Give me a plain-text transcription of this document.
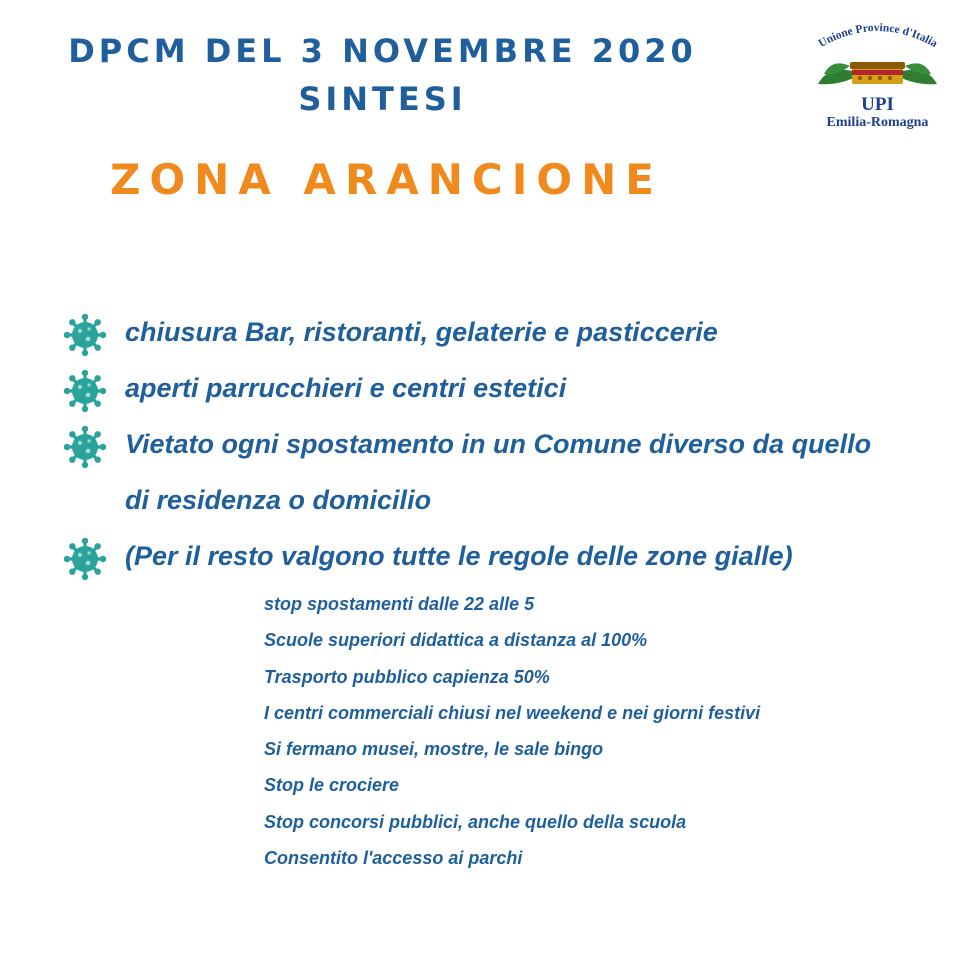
DPCM DEL 3 NOVEMBRE 2020
SINTESI
ZONA ARANCIONE
Unione Province d'Italia

UPI

Emilia-Romagna

chiusura Bar, ristoranti, gelaterie e pasticcerie
aperti parrucchieri e centri estetici
Vietato ogni spostamento in un Comune diverso da quello di residenza o domicilio
(Per il resto valgono tutte le regole delle zone gialle)
stop spostamenti dalle 22 alle 5
Scuole superiori didattica a distanza al 100%
Trasporto pubblico capienza 50%
I centri commerciali chiusi nel weekend e nei giorni festivi
Si fermano musei, mostre, le sale bingo
Stop le crociere
Stop concorsi pubblici, anche quello della scuola
Consentito l'accesso ai parchi
